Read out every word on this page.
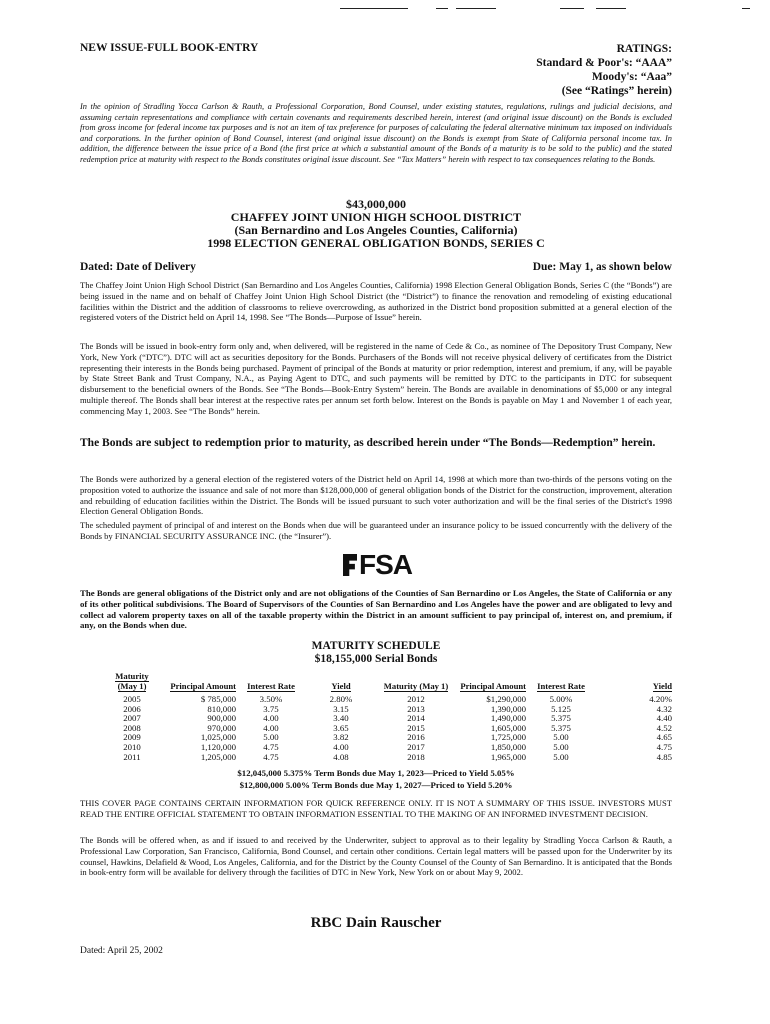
NEW ISSUE-FULL BOOK-ENTRY	RATINGS:
Standard & Poor's: “AAA”
Moody's: “Aaa”
(See “Ratings” herein)
In the opinion of Stradling Yocca Carlson & Rauth, a Professional Corporation, Bond Counsel, under existing statutes, regulations, rulings and judicial decisions, and assuming certain representations and compliance with certain covenants and requirements described herein, interest (and original issue discount) on the Bonds is excluded from gross income for federal income tax purposes and is not an item of tax preference for purposes of calculating the federal alternative minimum tax imposed on individuals and corporations. In the further opinion of Bond Counsel, interest (and original issue discount) on the Bonds is exempt from State of California personal income tax. In addition, the difference between the issue price of a Bond (the first price at which a substantial amount of the Bonds of a maturity is to be sold to the public) and the stated redemption price at maturity with respect to the Bonds constitutes original issue discount. See “Tax Matters” herein with respect to tax consequences relating to the Bonds.
$43,000,000
CHAFFEY JOINT UNION HIGH SCHOOL DISTRICT
(San Bernardino and Los Angeles Counties, California)
1998 ELECTION GENERAL OBLIGATION BONDS, SERIES C
Dated: Date of Delivery	Due: May 1, as shown below
The Chaffey Joint Union High School District (San Bernardino and Los Angeles Counties, California) 1998 Election General Obligation Bonds, Series C (the “Bonds”) are being issued in the name and on behalf of Chaffey Joint Union High School District (the “District”) to finance the renovation and remodeling of existing educational facilities within the District and the addition of classrooms to relieve overcrowding, as authorized in the District bond proposition submitted at a general election of the registered voters of the District held on April 14, 1998. See “The Bonds—Purpose of Issue” herein.
The Bonds will be issued in book-entry form only and, when delivered, will be registered in the name of Cede & Co., as nominee of The Depository Trust Company, New York, New York (“DTC”). DTC will act as securities depository for the Bonds. Purchasers of the Bonds will not receive physical delivery of certificates from the District representing their interests in the Bonds being purchased. Payment of principal of the Bonds at maturity or prior redemption, interest and premium, if any, will be payable by State Street Bank and Trust Company, N.A., as Paying Agent to DTC, and such payments will be remitted by DTC to the participants in DTC for subsequent disbursement to the beneficial owners of the Bonds. See “The Bonds—Book-Entry System” herein. The Bonds are available in denominations of $5,000 or any integral multiple thereof. The Bonds shall bear interest at the respective rates per annum set forth below. Interest on the Bonds is payable on May 1 and November 1 of each year, commencing May 1, 2003. See “The Bonds” herein.
The Bonds are subject to redemption prior to maturity, as described herein under “The Bonds—Redemption” herein.
The Bonds were authorized by a general election of the registered voters of the District held on April 14, 1998 at which more than two-thirds of the persons voting on the proposition voted to authorize the issuance and sale of not more than $128,000,000 of general obligation bonds of the District for the construction, improvement, alteration and rebuilding of education facilities within the District. The Bonds will be issued pursuant to such voter authorization and will be the final series of the District's 1998 Election General Obligation Bonds.
The scheduled payment of principal of and interest on the Bonds when due will be guaranteed under an insurance policy to be issued concurrently with the delivery of the Bonds by FINANCIAL SECURITY ASSURANCE INC. (the “Insurer”).
FSA
The Bonds are general obligations of the District only and are not obligations of the Counties of San Bernardino or Los Angeles, the State of California or any of its other political subdivisions. The Board of Supervisors of the Counties of San Bernardino and Los Angeles have the power and are obligated to levy and collect ad valorem property taxes on all of the taxable property within the District in an amount sufficient to pay principal of, interest on, and premium, if any, on the Bonds when due.
MATURITY SCHEDULE
$18,155,000 Serial Bonds
Maturity (May 1)	Principal Amount	Interest Rate	Yield	Maturity (May 1)	Principal Amount	Interest Rate	Yield
2005	$ 785,000	3.50%	2.80%	2012	$1,290,000	5.00%	4.20%
2006	810,000	3.75	3.15	2013	1,390,000	5.125	4.32
2007	900,000	4.00	3.40	2014	1,490,000	5.375	4.40
2008	970,000	4.00	3.65	2015	1,605,000	5.375	4.52
2009	1,025,000	5.00	3.82	2016	1,725,000	5.00	4.65
2010	1,120,000	4.75	4.00	2017	1,850,000	5.00	4.75
2011	1,205,000	4.75	4.08	2018	1,965,000	5.00	4.85
$12,045,000 5.375% Term Bonds due May 1, 2023—Priced to Yield 5.05%
$12,800,000 5.00% Term Bonds due May 1, 2027—Priced to Yield 5.20%
THIS COVER PAGE CONTAINS CERTAIN INFORMATION FOR QUICK REFERENCE ONLY. IT IS NOT A SUMMARY OF THIS ISSUE. INVESTORS MUST READ THE ENTIRE OFFICIAL STATEMENT TO OBTAIN INFORMATION ESSENTIAL TO THE MAKING OF AN INFORMED INVESTMENT DECISION.
The Bonds will be offered when, as and if issued to and received by the Underwriter, subject to approval as to their legality by Stradling Yocca Carlson & Rauth, a Professional Law Corporation, San Francisco, California, Bond Counsel, and certain other conditions. Certain legal matters will be passed upon for the Underwriter by its counsel, Hawkins, Delafield & Wood, Los Angeles, California, and for the District by the County Counsel of the County of San Bernardino. It is anticipated that the Bonds in book-entry form will be available for delivery through the facilities of DTC in New York, New York on or about May 9, 2002.
RBC Dain Rauscher
Dated: April 25, 2002
